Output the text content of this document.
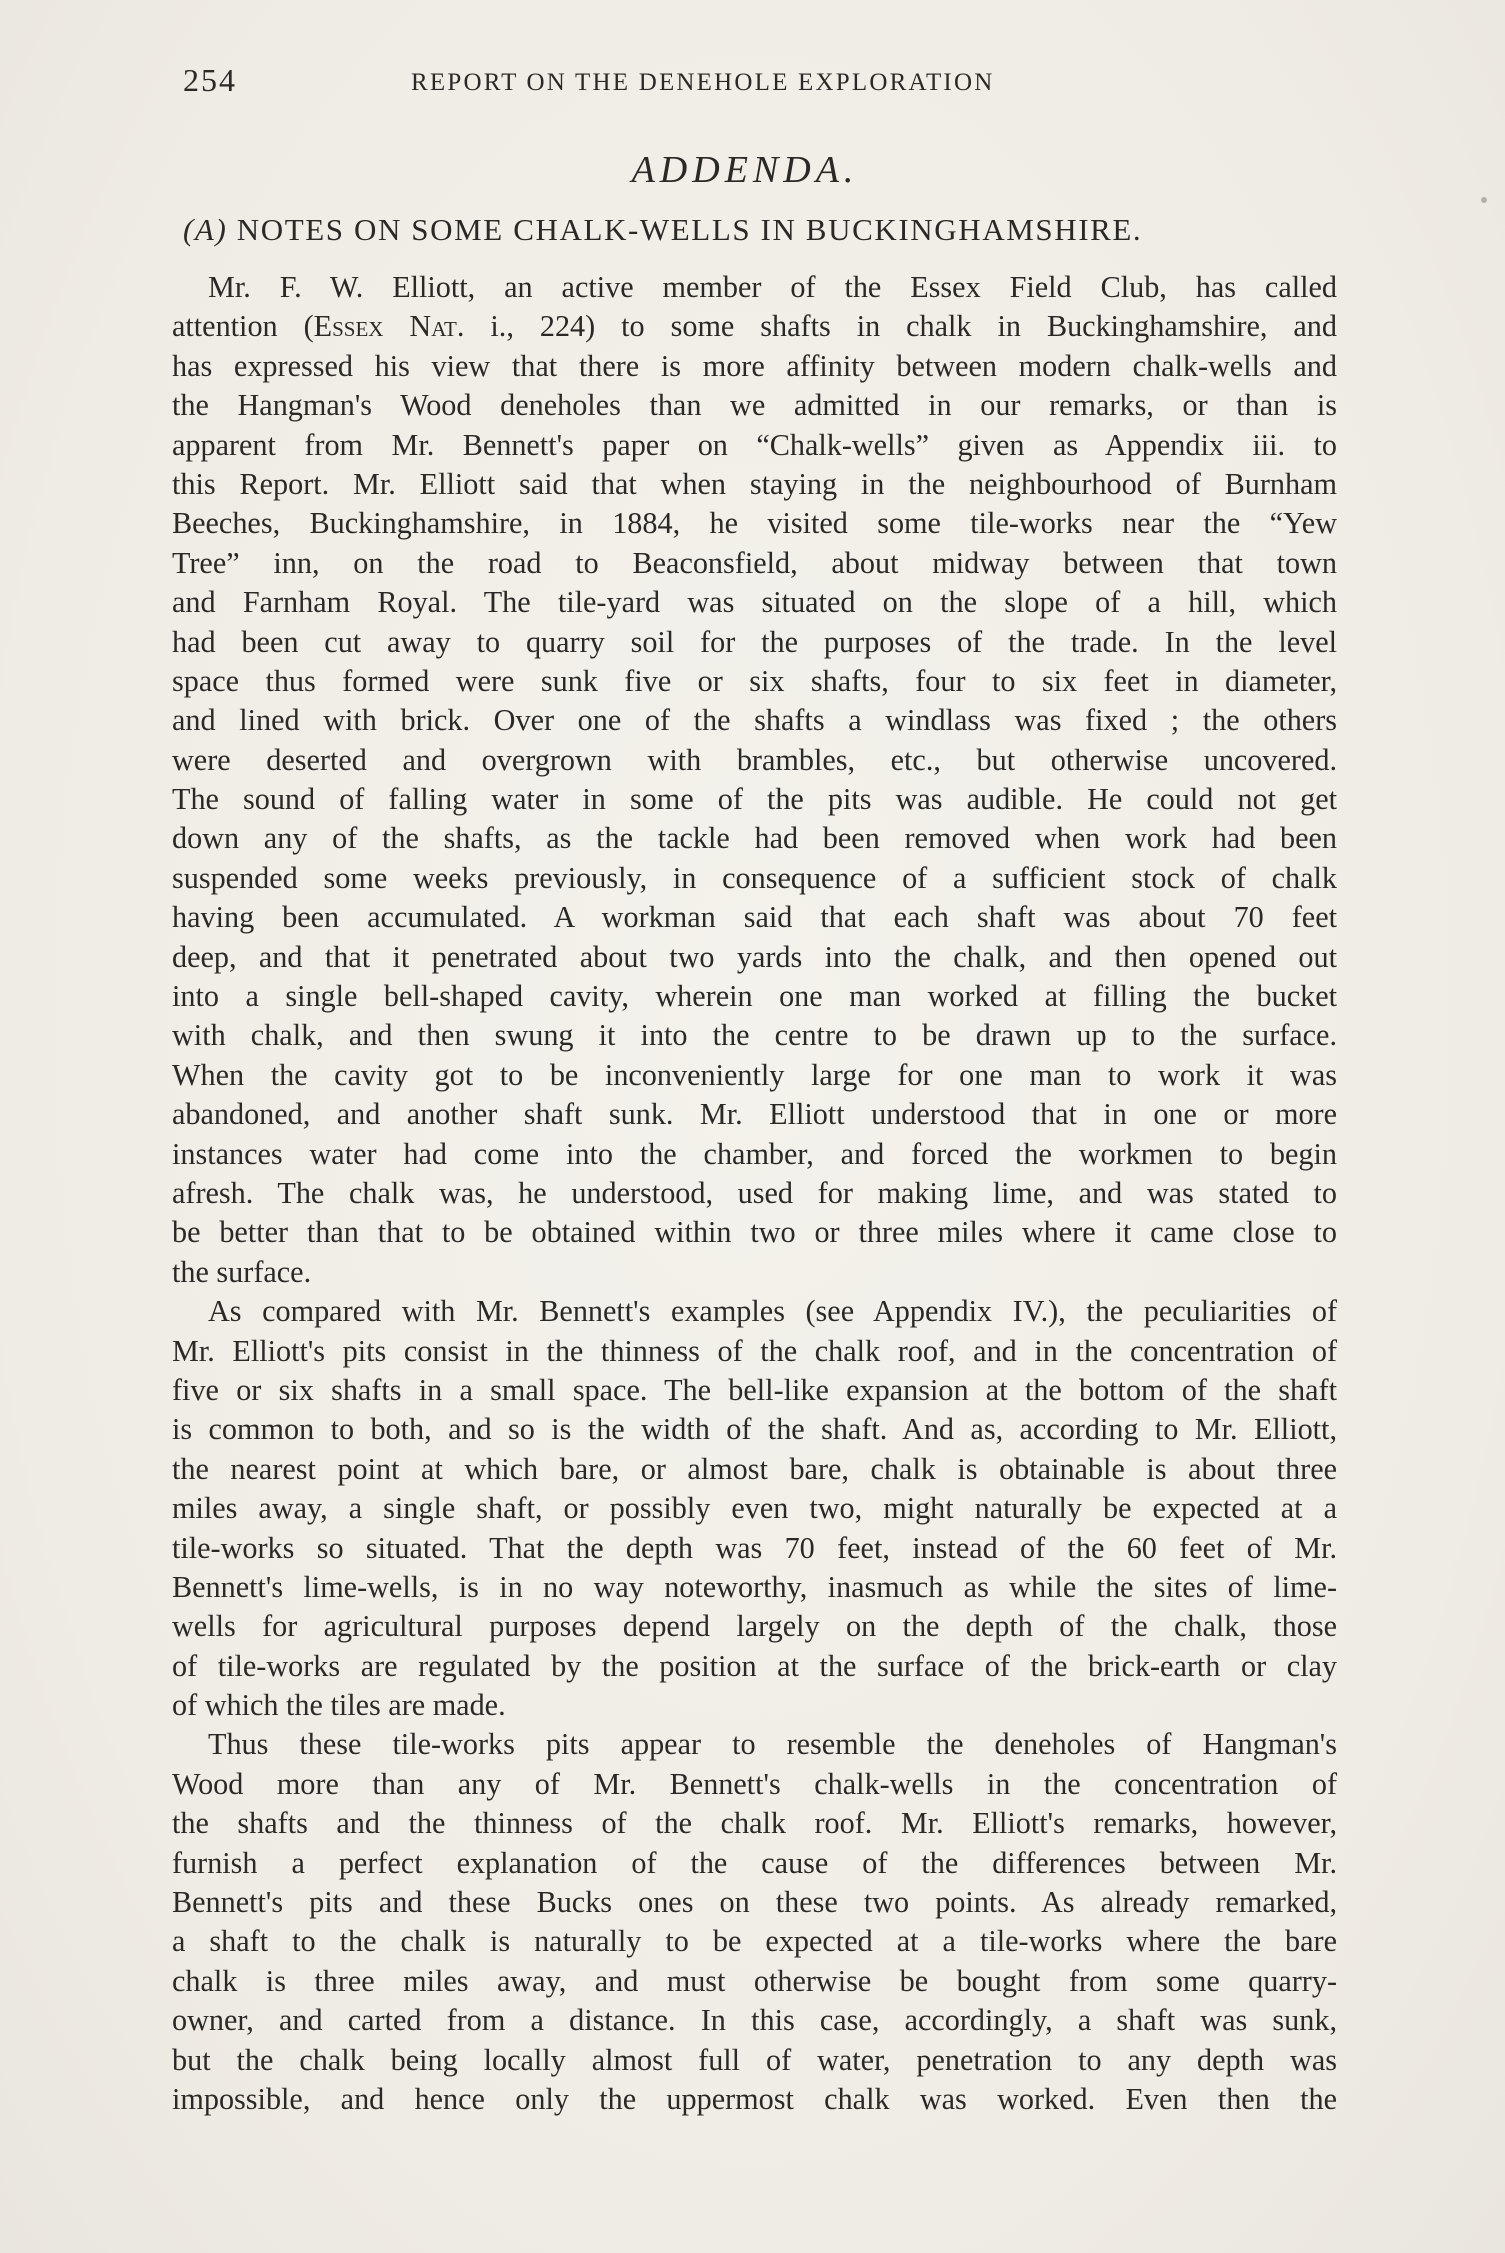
254	REPORT ON THE DENEHOLE EXPLORATION
ADDENDA.
(A) NOTES ON SOME CHALK-WELLS IN BUCKINGHAMSHIRE.
Mr. F. W. Elliott, an active member of the Essex Field Club, has called
attention (Essex Nat. i., 224) to some shafts in chalk in Buckinghamshire, and
has expressed his view that there is more affinity between modern chalk-wells and
the Hangman's Wood deneholes than we admitted in our remarks, or than is
apparent from Mr. Bennett's paper on “Chalk-wells” given as Appendix iii. to
this Report. Mr. Elliott said that when staying in the neighbourhood of Burnham
Beeches, Buckinghamshire, in 1884, he visited some tile-works near the “Yew
Tree” inn, on the road to Beaconsfield, about midway between that town
and Farnham Royal. The tile-yard was situated on the slope of a hill, which
had been cut away to quarry soil for the purposes of the trade. In the level
space thus formed were sunk five or six shafts, four to six feet in diameter,
and lined with brick. Over one of the shafts a windlass was fixed ; the others
were deserted and overgrown with brambles, etc., but otherwise uncovered.
The sound of falling water in some of the pits was audible. He could not get
down any of the shafts, as the tackle had been removed when work had been
suspended some weeks previously, in consequence of a sufficient stock of chalk
having been accumulated. A workman said that each shaft was about 70 feet
deep, and that it penetrated about two yards into the chalk, and then opened out
into a single bell-shaped cavity, wherein one man worked at filling the bucket
with chalk, and then swung it into the centre to be drawn up to the surface.
When the cavity got to be inconveniently large for one man to work it was
abandoned, and another shaft sunk. Mr. Elliott understood that in one or more
instances water had come into the chamber, and forced the workmen to begin
afresh. The chalk was, he understood, used for making lime, and was stated to
be better than that to be obtained within two or three miles where it came close to
the surface.
As compared with Mr. Bennett's examples (see Appendix IV.), the peculiarities of
Mr. Elliott's pits consist in the thinness of the chalk roof, and in the concentration of
five or six shafts in a small space. The bell-like expansion at the bottom of the shaft
is common to both, and so is the width of the shaft. And as, according to Mr. Elliott,
the nearest point at which bare, or almost bare, chalk is obtainable is about three
miles away, a single shaft, or possibly even two, might naturally be expected at a
tile-works so situated. That the depth was 70 feet, instead of the 60 feet of Mr.
Bennett's lime-wells, is in no way noteworthy, inasmuch as while the sites of lime-
wells for agricultural purposes depend largely on the depth of the chalk, those
of tile-works are regulated by the position at the surface of the brick-earth or clay
of which the tiles are made.
Thus these tile-works pits appear to resemble the deneholes of Hangman's
Wood more than any of Mr. Bennett's chalk-wells in the concentration of
the shafts and the thinness of the chalk roof. Mr. Elliott's remarks, however,
furnish a perfect explanation of the cause of the differences between Mr.
Bennett's pits and these Bucks ones on these two points. As already remarked,
a shaft to the chalk is naturally to be expected at a tile-works where the bare
chalk is three miles away, and must otherwise be bought from some quarry-
owner, and carted from a distance. In this case, accordingly, a shaft was sunk,
but the chalk being locally almost full of water, penetration to any depth was
impossible, and hence only the uppermost chalk was worked. Even then the
